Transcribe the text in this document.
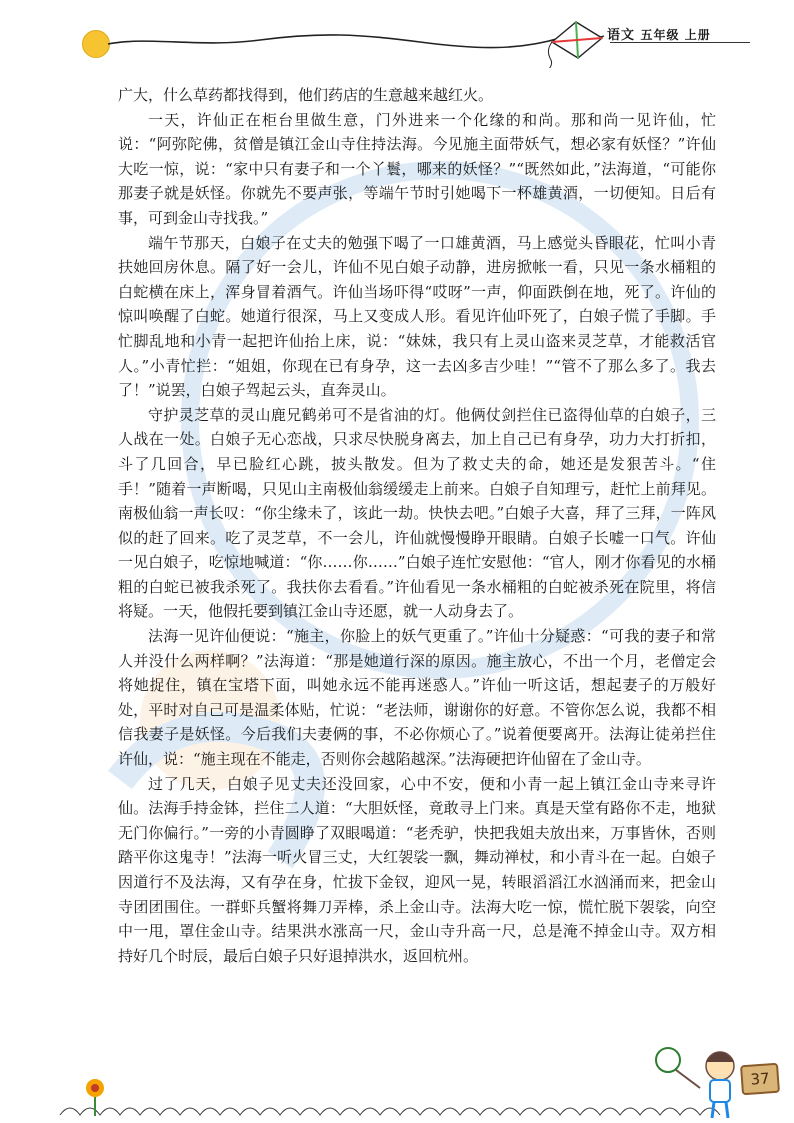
语文 五年级 上册

广大，什么草药都找得到，他们药店的生意越来越红火。

一天，许仙正在柜台里做生意，门外进来一个化缘的和尚。那和尚一见许仙，忙说：“阿弥陀佛，贫僧是镇江金山寺住持法海。今见施主面带妖气，想必家有妖怪？”许仙大吃一惊，说：“家中只有妻子和一个丫鬟，哪来的妖怪？”“既然如此，”法海道，“可能你那妻子就是妖怪。你就先不要声张，等端午节时引她喝下一杯雄黄酒，一切便知。日后有事，可到金山寺找我。”

端午节那天，白娘子在丈夫的勉强下喝了一口雄黄酒，马上感觉头昏眼花，忙叫小青扶她回房休息。隔了好一会儿，许仙不见白娘子动静，进房掀帐一看，只见一条水桶粗的白蛇横在床上，浑身冒着酒气。许仙当场吓得“哎呀”一声，仰面跌倒在地，死了。许仙的惊叫唤醒了白蛇。她道行很深，马上又变成人形。看见许仙吓死了，白娘子慌了手脚。手忙脚乱地和小青一起把许仙抬上床，说：“妹妹，我只有上灵山盗来灵芝草，才能救活官人。”小青忙拦：“姐姐，你现在已有身孕，这一去凶多吉少哇！”“管不了那么多了。我去了！”说罢，白娘子驾起云头，直奔灵山。

守护灵芝草的灵山鹿兄鹤弟可不是省油的灯。他俩仗剑拦住已盗得仙草的白娘子，三人战在一处。白娘子无心恋战，只求尽快脱身离去，加上自己已有身孕，功力大打折扣，斗了几回合，早已脸红心跳，披头散发。但为了救丈夫的命，她还是发狠苦斗。“住手！”随着一声断喝，只见山主南极仙翁缓缓走上前来。白娘子自知理亏，赶忙上前拜见。南极仙翁一声长叹：“你尘缘未了，该此一劫。快快去吧。”白娘子大喜，拜了三拜，一阵风似的赶了回来。吃了灵芝草，不一会儿，许仙就慢慢睁开眼睛。白娘子长嘘一口气。许仙一见白娘子，吃惊地喊道：“你……你……”白娘子连忙安慰他：“官人，刚才你看见的水桶粗的白蛇已被我杀死了。我扶你去看看。”许仙看见一条水桶粗的白蛇被杀死在院里，将信将疑。一天，他假托要到镇江金山寺还愿，就一人动身去了。

法海一见许仙便说：“施主，你脸上的妖气更重了。”许仙十分疑惑：“可我的妻子和常人并没什么两样啊？”法海道：“那是她道行深的原因。施主放心，不出一个月，老僧定会将她捉住，镇在宝塔下面，叫她永远不能再迷惑人。”许仙一听这话，想起妻子的万般好处，平时对自己可是温柔体贴，忙说：“老法师，谢谢你的好意。不管你怎么说，我都不相信我妻子是妖怪。今后我们夫妻俩的事，不必你烦心了。”说着便要离开。法海让徒弟拦住许仙，说：“施主现在不能走，否则你会越陷越深。”法海硬把许仙留在了金山寺。

过了几天，白娘子见丈夫还没回家，心中不安，便和小青一起上镇江金山寺来寻许仙。法海手持金钵，拦住二人道：“大胆妖怪，竟敢寻上门来。真是天堂有路你不走，地狱无门你偏行。”一旁的小青圆睁了双眼喝道：“老秃驴，快把我姐夫放出来，万事皆休，否则踏平你这鬼寺！”法海一听火冒三丈，大红袈裟一飘，舞动禅杖，和小青斗在一起。白娘子因道行不及法海，又有孕在身，忙拔下金钗，迎风一晃，转眼滔滔江水汹涌而来，把金山寺团团围住。一群虾兵蟹将舞刀弄棒，杀上金山寺。法海大吃一惊，慌忙脱下袈裟，向空中一甩，罩住金山寺。结果洪水涨高一尺，金山寺升高一尺，总是淹不掉金山寺。双方相持好几个时辰，最后白娘子只好退掉洪水，返回杭州。

37
